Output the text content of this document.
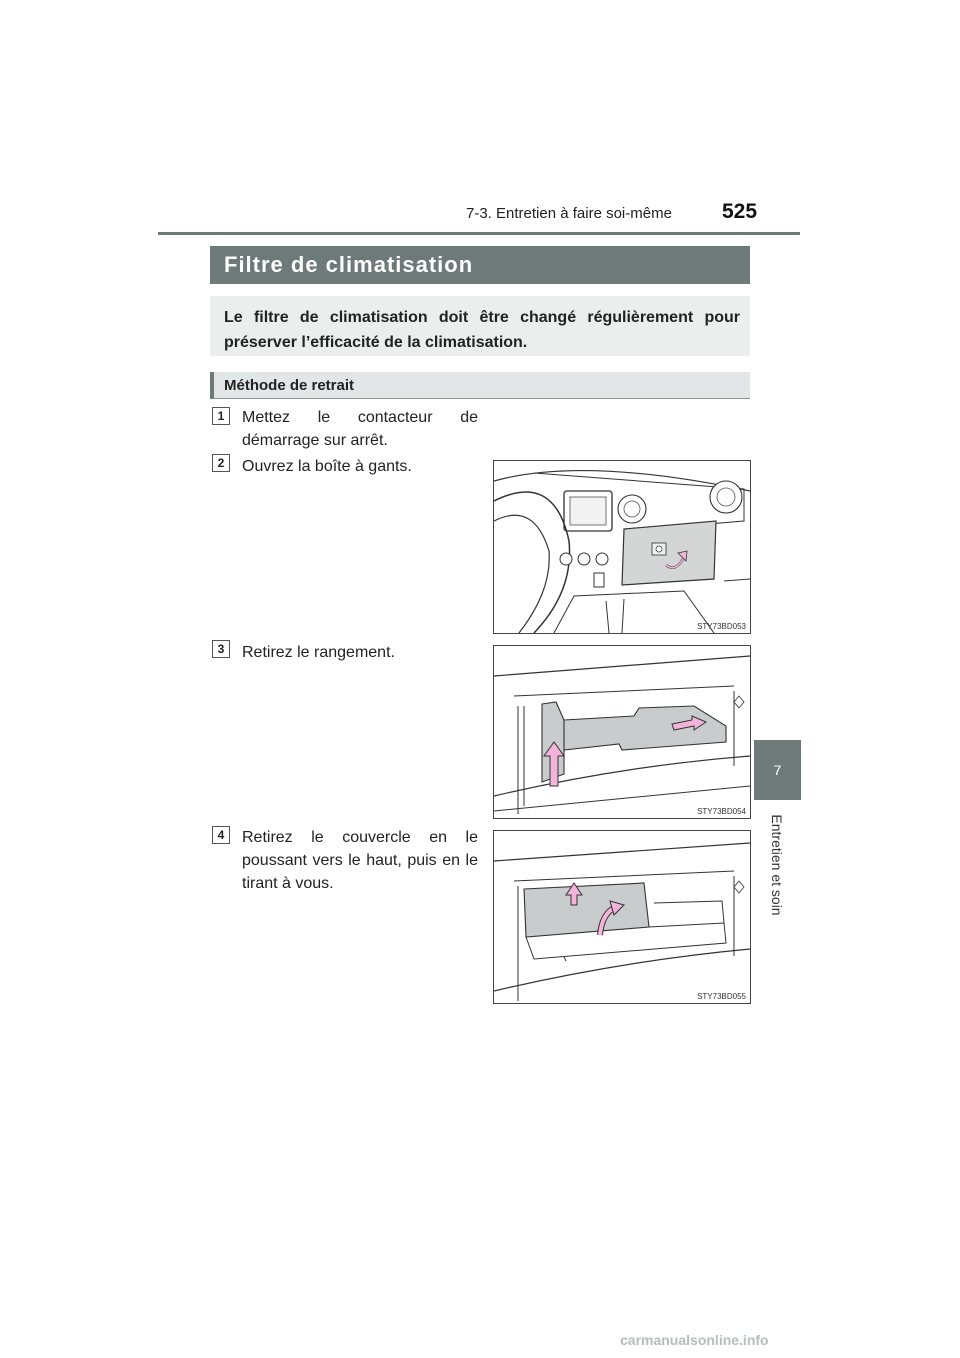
7-3. Entretien à faire soi-même 525
7
Entretien et soin
Filtre de climatisation
Le filtre de climatisation doit être changé régulièrement pour préserver l’efficacité de la climatisation.
Méthode de retrait
1	Mettez le contacteur de démarrage sur arrêt.
2	Ouvrez la boîte à gants.
STY73BD053
3	Retirez le rangement.
STY73BD054
4	Retirez le couvercle en le poussant vers le haut, puis en le tirant à vous.
STY73BD055
carmanualsonline.info
